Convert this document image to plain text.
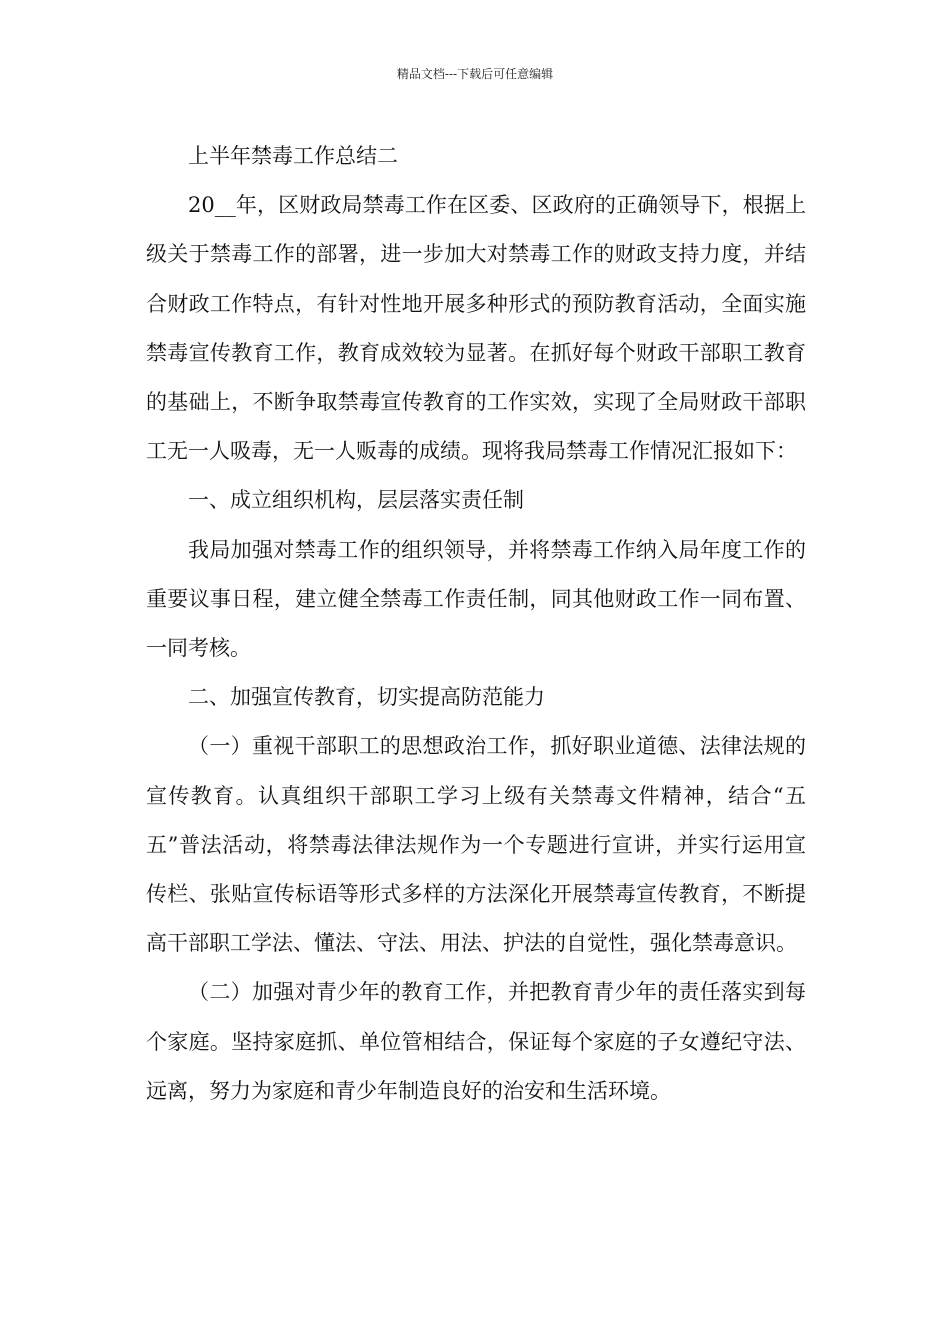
精品文档---下载后可任意编辑

上半年禁毒工作总结二

20__年，区财政局禁毒工作在区委、区政府的正确领导下，根据上级关于禁毒工作的部署，进一步加大对禁毒工作的财政支持力度，并结合财政工作特点，有针对性地开展多种形式的预防教育活动，全面实施禁毒宣传教育工作，教育成效较为显著。在抓好每个财政干部职工教育的基础上，不断争取禁毒宣传教育的工作实效，实现了全局财政干部职工无一人吸毒，无一人贩毒的成绩。现将我局禁毒工作情况汇报如下：

一、成立组织机构，层层落实责任制

我局加强对禁毒工作的组织领导，并将禁毒工作纳入局年度工作的重要议事日程，建立健全禁毒工作责任制，同其他财政工作一同布置、一同考核。

二、加强宣传教育，切实提高防范能力

（一）重视干部职工的思想政治工作，抓好职业道德、法律法规的宣传教育。认真组织干部职工学习上级有关禁毒文件精神，结合“五五”普法活动，将禁毒法律法规作为一个专题进行宣讲，并实行运用宣传栏、张贴宣传标语等形式多样的方法深化开展禁毒宣传教育，不断提高干部职工学法、懂法、守法、用法、护法的自觉性，强化禁毒意识。

（二）加强对青少年的教育工作，并把教育青少年的责任落实到每个家庭。坚持家庭抓、单位管相结合，保证每个家庭的子女遵纪守法、远离，努力为家庭和青少年制造良好的治安和生活环境。
